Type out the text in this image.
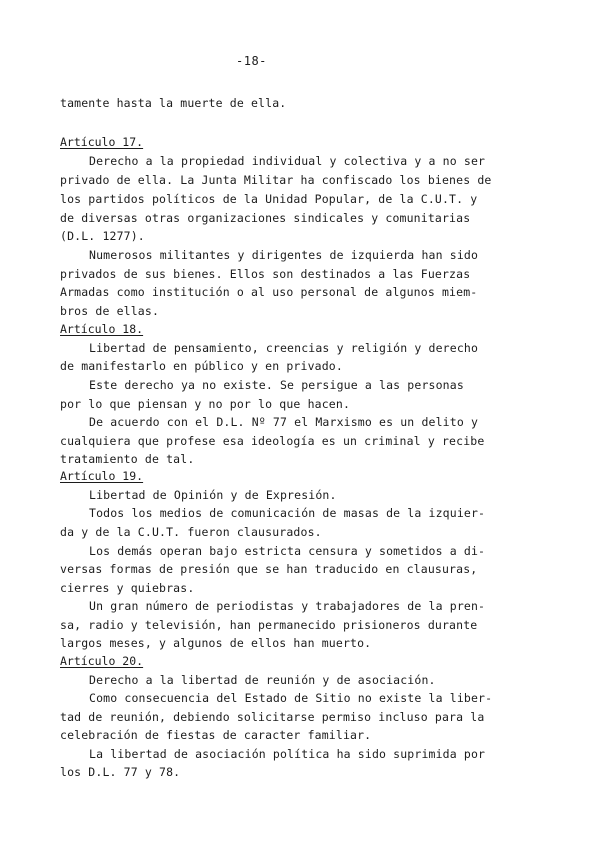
-18-
tamente hasta la muerte de ella.
Artículo 17.
Derecho a la propiedad individual y colectiva y a no ser
privado de ella. La Junta Militar ha confiscado los bienes de
los partidos políticos de la Unidad Popular, de la C.U.T. y
de diversas otras organizaciones sindicales y comunitarias
(D.L. 1277).
Numerosos militantes y dirigentes de izquierda han sido
privados de sus bienes. Ellos son destinados a las Fuerzas
Armadas como institución o al uso personal de algunos miem-
bros de ellas.
Artículo 18.
Libertad de pensamiento, creencias y religión y derecho
de manifestarlo en público y en privado.
Este derecho ya no existe. Se persigue a las personas
por lo que piensan y no por lo que hacen.
De acuerdo con el D.L. Nº 77 el Marxismo es un delito y
cualquiera que profese esa ideología es un criminal y recibe
tratamiento de tal.
Artículo 19.
Libertad de Opinión y de Expresión.
Todos los medios de comunicación de masas de la izquier-
da y de la C.U.T. fueron clausurados.
Los demás operan bajo estricta censura y sometidos a di-
versas formas de presión que se han traducido en clausuras,
cierres y quiebras.
Un gran número de periodistas y trabajadores de la pren-
sa, radio y televisión, han permanecido prisioneros durante
largos meses, y algunos de ellos han muerto.
Artículo 20.
Derecho a la libertad de reunión y de asociación.
Como consecuencia del Estado de Sitio no existe la liber-
tad de reunión, debiendo solicitarse permiso incluso para la
celebración de fiestas de caracter familiar.
La libertad de asociación política ha sido suprimida por
los D.L. 77 y 78.
